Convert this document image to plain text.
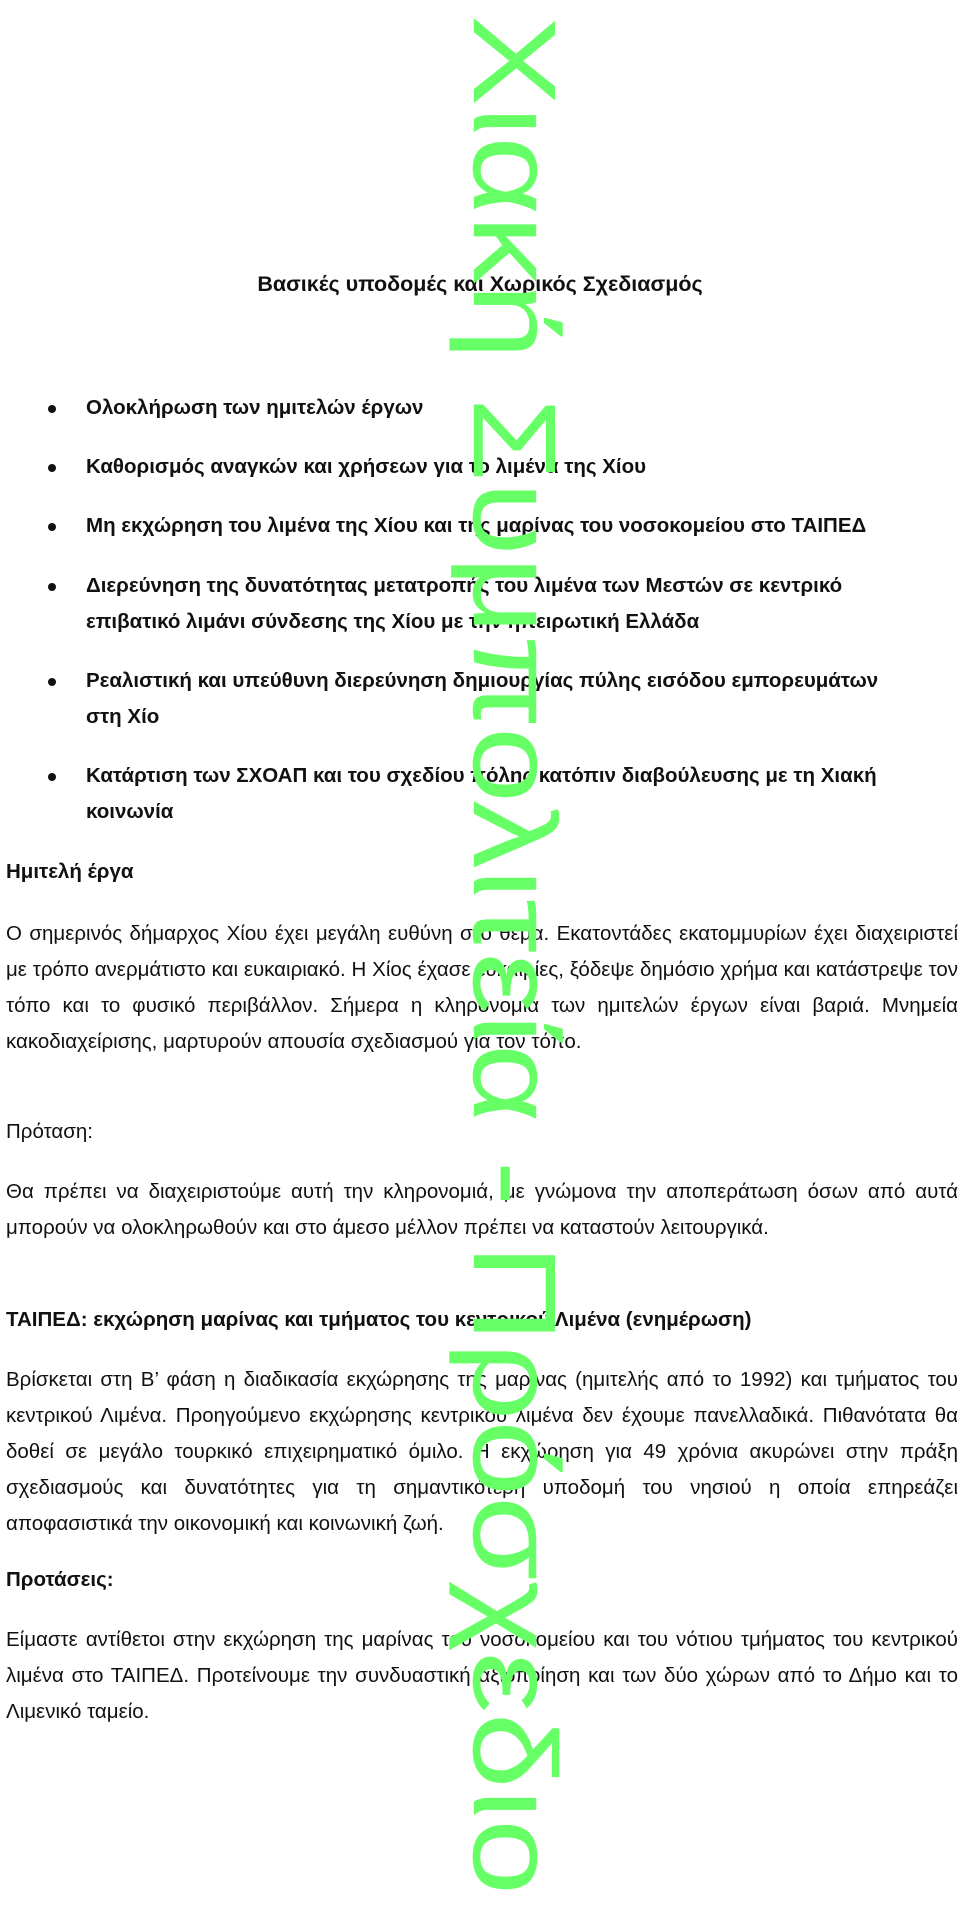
Βασικές υποδομές και Χωρικός Σχεδιασμός
Ολοκλήρωση των ημιτελών έργων
Καθορισμός αναγκών και χρήσεων για το λιμένα της Χίου
Μη εκχώρηση του λιμένα της Χίου και της μαρίνας του νοσοκομείου στο ΤΑΙΠΕΔ
Διερεύνηση της δυνατότητας μετατροπής του λιμένα των Μεστών σε κεντρικό
επιβατικό λιμάνι σύνδεσης της Χίου με την ηπειρωτική Ελλάδα
Ρεαλιστική και υπεύθυνη διερεύνηση δημιουργίας πύλης εισόδου εμπορευμάτων
στη Χίο
Κατάρτιση των ΣΧΟΑΠ και του σχεδίου πόλης κατόπιν διαβούλευσης με τη Χιακή
κοινωνία
Ημιτελή έργα

Ο σημερινός δήμαρχος Χίου έχει μεγάλη ευθύνη στο θέμα. Εκατοντάδες εκατομμυρίων έχει διαχειριστεί με τρόπο ανερμάτιστο και ευκαιριακό. Η Χίος έχασε ευκαιρίες, ξόδεψε δημόσιο χρήμα και κατάστρεψε τον τόπο και το φυσικό περιβάλλον. Σήμερα η κληρονομιά των ημιτελών έργων είναι βαριά. Μνημεία κακοδιαχείρισης, μαρτυρούν απουσία σχεδιασμού για τον τόπο.

Πρόταση:

Θα πρέπει να διαχειριστούμε αυτή την κληρονομιά, με γνώμονα την αποπεράτωση όσων από αυτά μπορούν να ολοκληρωθούν και στο άμεσο μέλλον πρέπει να καταστούν λειτουργικά.

ΤΑΙΠΕΔ: εκχώρηση μαρίνας και τμήματος του κεντρικού Λιμένα (ενημέρωση)

Βρίσκεται στη Β’ φάση η διαδικασία εκχώρησης της μαρίνας (ημιτελής από το 1992) και τμήματος του κεντρικού Λιμένα. Προηγούμενο εκχώρησης κεντρικού λιμένα δεν έχουμε πανελλαδικά. Πιθανότατα θα δοθεί σε μεγάλο τουρκικό επιχειρηματικό όμιλο. Η εκχώρηση για 49 χρόνια ακυρώνει στην πράξη σχεδιασμούς και δυνατότητες για τη σημαντικότερη υποδομή του νησιού η οποία επηρεάζει αποφασιστικά την οικονομική και κοινωνική ζωή.

Προτάσεις:

Είμαστε αντίθετοι στην εκχώρηση της μαρίνας του νοσοκομείου και του νότιου τμήματος του κεντρικού λιμένα στο ΤΑΙΠΕΔ. Προτείνουμε την συνδυαστική αξιοποίηση και των δύο χώρων από το Δήμο και το Λιμενικό ταμείο.

Χιακή Συμπολιτεία - Πρόσχεδιο
